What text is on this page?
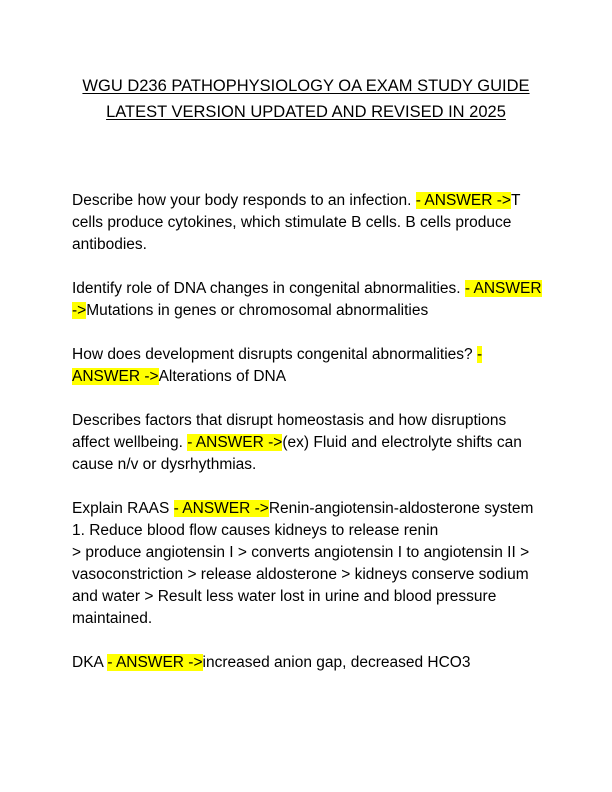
WGU D236 PATHOPHYSIOLOGY OA EXAM STUDY GUIDE
LATEST VERSION UPDATED AND REVISED IN 2025

Describe how your body responds to an infection. - ANSWER ->T cells produce cytokines, which stimulate B cells. B cells produce antibodies.

Identify role of DNA changes in congenital abnormalities. - ANSWER ->Mutations in genes or chromosomal abnormalities

How does development disrupts congenital abnormalities? - ANSWER ->Alterations of DNA

Describes factors that disrupt homeostasis and how disruptions affect wellbeing. - ANSWER ->(ex) Fluid and electrolyte shifts can cause n/v or dysrhythmias.

Explain RAAS - ANSWER ->Renin-angiotensin-aldosterone system
1. Reduce blood flow causes kidneys to release renin
> produce angiotensin I > converts angiotensin I to angiotensin II > vasoconstriction > release aldosterone > kidneys conserve sodium and water > Result less water lost in urine and blood pressure maintained.

DKA - ANSWER ->increased anion gap, decreased HCO3
